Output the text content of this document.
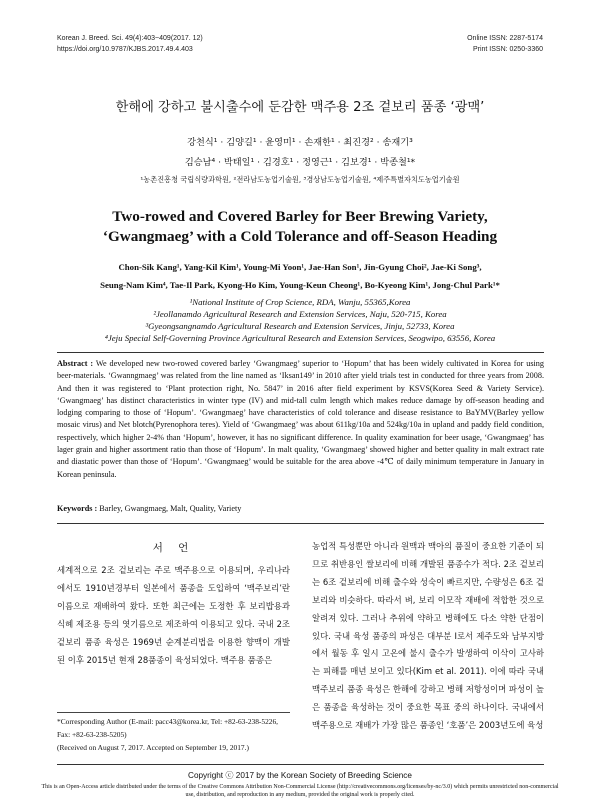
Korean J. Breed. Sci. 49(4):403~409(2017. 12)
https://doi.org/10.9787/KJBS.2017.49.4.403
Online ISSN: 2287-5174
Print ISSN: 0250-3360
한해에 강하고 불시출수에 둔감한 맥주용 2조 겉보리 품종 ‘광맥’
강천식¹ · 김양길¹ · 윤영미¹ · 손재한¹ · 최진경² · 송재기³
김승남⁴ · 박태일¹ · 김경호¹ · 정영근¹ · 김보경¹ · 박종철¹*
¹농촌진흥청 국립식량과학원, ²전라남도농업기술원, ³경상남도농업기술원, ⁴제주특별자치도농업기술원
Two-rowed and Covered Barley for Beer Brewing Variety,
‘Gwangmaeg’ with a Cold Tolerance and off-Season Heading
Chon-Sik Kang¹, Yang-Kil Kim¹, Young-Mi Yoon¹, Jae-Han Son¹, Jin-Gyung Choi², Jae-Ki Song³,
Seung-Nam Kim⁴, Tae-Il Park, Kyong-Ho Kim, Young-Keun Cheong¹, Bo-Kyeong Kim¹, Jong-Chul Park¹*
¹National Institute of Crop Science, RDA, Wanju, 55365,Korea
²Jeollanamdo Agricultural Research and Extension Services, Naju, 520-715, Korea
³Gyeongsangnamdo Agricultural Research and Extension Services, Jinju, 52733, Korea
⁴Jeju Special Self-Governing Province Agricultural Research and Extension Services, Seogwipo, 63556, Korea
Abstract : We developed new two-rowed covered barley ‘Gwangmaeg’ superior to ‘Hopum’ that has been widely cultivated in Korea for using beer-materials. ‘Gwanngmaeg’ was related from the line named as ‘Iksan149’ in 2010 after yield trials test in conducted for three years from 2008. And then it was registered to ‘Plant protection right, No. 5847’ in 2016 after field experiment by KSVS(Korea Seed & Variety Service). ‘Gwangmaeg’ has distinct characteristics in winter type (IV) and mid-tall culm length which makes reduce damage by off-season heading and lodging comparing to those of ‘Hopum’. ‘Gwangmaeg’ have characteristics of cold tolerance and disease resistance to BaYMV(Barley yellow mosaic virus) and Net blotch(Pyrenophora teres). Yield of ‘Gwangmaeg’ was about 611kg/10a and 524kg/10a in upland and paddy field condition, respectively, which higher 2-4% than ‘Hopum’, however, it has no significant difference. In quality examination for beer usage, ‘Gwangmaeg’ has lager grain and higher assortment ratio than those of ‘Hopum’. In malt quality, ‘Gwangmaeg’ showed higher and better quality in malt extract rate and diastatic power than those of ‘Hopum’. ‘Gwangmaeg’ would be suitable for the area above -4℃ of daily minimum temperature in January in Korean peninsula.
Keywords : Barley, Gwangmaeg, Malt, Quality, Variety
서 언
세계적으로 2조 겉보리는 주로 맥주용으로 이용되며, 우리나라에서도 1910년경부터 일본에서 품종을 도입하여 ‘맥주보리’란 이름으로 재배하여 왔다. 또한 최근에는 도정한 후 보리밥용과 식혜 제조용 등의 엿기름으로 제조하여 이용되고 있다. 국내 2조 겉보리 품종 육성은 1969년 순계분리법을 이용한 향맥이 개발된 이후 2015년 현재 28품종이 육성되었다. 맥주용 품종은
농업적 특성뿐만 아니라 원맥과 맥아의 품질이 중요한 기준이 되므로 취반용인 쌀보리에 비해 개발된 품종수가 적다. 2조 겉보리는 6조 겉보리에 비해 출수와 성숙이 빠르지만, 수량성은 6조 겉보리와 비슷하다. 따라서 벼, 보리 이모작 재배에 적합한 것으로 알려져 있다. 그러나 추위에 약하고 병해에도 다소 약한 단점이 있다. 국내 육성 품종의 파성은 대부분 I로서 제주도와 남부지방에서 월동 후 일시 고온에 불시 출수가 발생하여 이삭이 고사하는 피해를 매년 보이고 있다(Kim et al. 2011). 이에 따라 국내 맥주보리 품종 육성은 한해에 강하고 병해 저항성이며 파성이 높은 품종을 육성하는 것이 중요한 목표 중의 하나이다. 국내에서 맥주용으로 재배가 가장 많은 품종인 ‘호품’은 2003년도에 육성
*Corresponding Author (E-mail: pacc43@korea.kr, Tel: +82-63-238-5226, Fax: +82-63-238-5205)
(Received on August 7, 2017. Accepted on September 19, 2017.)
Copyright ⓒ 2017 by the Korean Society of Breeding Science
This is an Open-Access article distributed under the terms of the Creative Commons Attribution Non-Commercial License (http://creativecommons.org/licenses/by-nc/3.0) which permits unrestricted non-commercial use, distribution, and reproduction in any medium, provided the original work is properly cited.
